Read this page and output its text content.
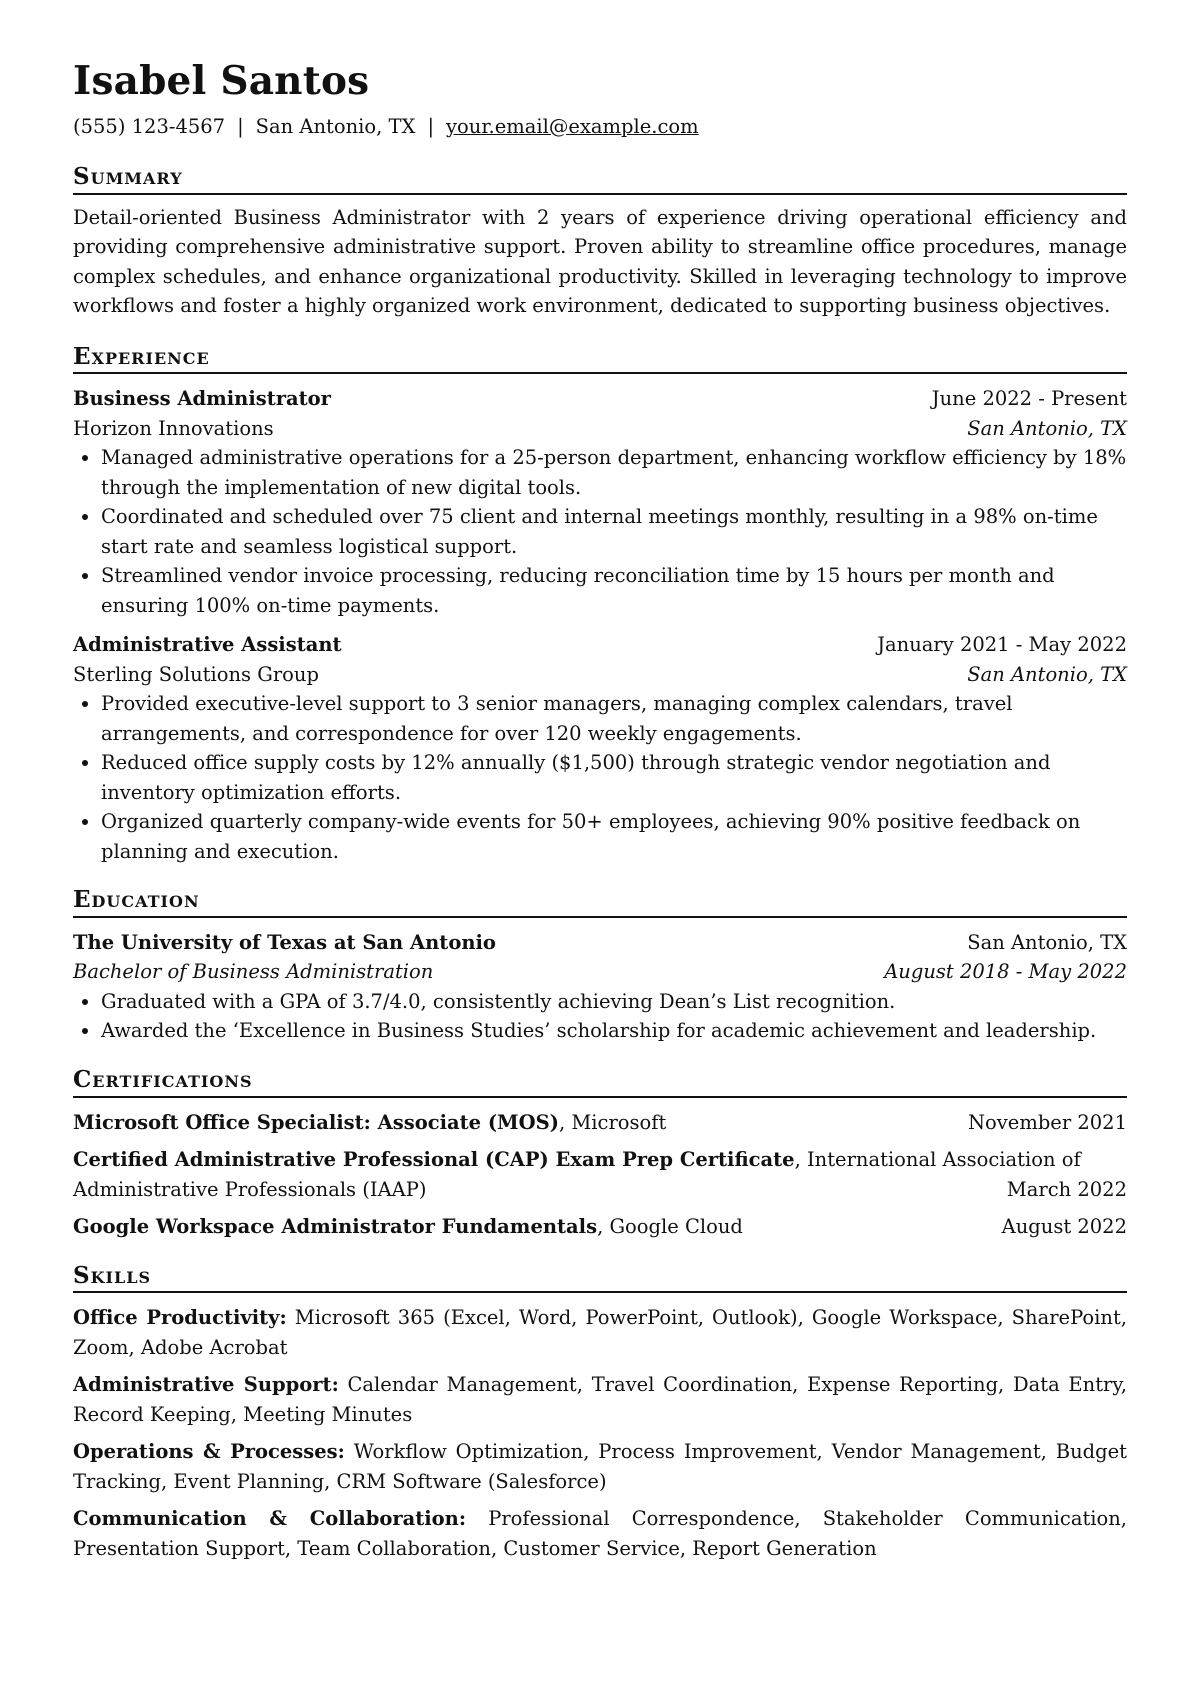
Isabel Santos
(555) 123-4567 | San Antonio, TX | your.email@example.com
Summary

Detail-oriented Business Administrator with 2 years of experience driving operational efficiency and providing comprehensive administrative support. Proven ability to streamline office procedures, manage complex schedules, and enhance organizational productivity. Skilled in leveraging technology to improve workflows and foster a highly organized work environment, dedicated to supporting business objectives.

Experience
Business Administrator	June 2022 - Present
Horizon Innovations	San Antonio, TX
• Managed administrative operations for a 25-person department, enhancing workflow efficiency by 18% through the implementation of new digital tools.
• Coordinated and scheduled over 75 client and internal meetings monthly, resulting in a 98% on-time start rate and seamless logistical support.
• Streamlined vendor invoice processing, reducing reconciliation time by 15 hours per month and ensuring 100% on-time payments.
Administrative Assistant	January 2021 - May 2022
Sterling Solutions Group	San Antonio, TX
• Provided executive-level support to 3 senior managers, managing complex calendars, travel arrangements, and correspondence for over 120 weekly engagements.
• Reduced office supply costs by 12% annually ($1,500) through strategic vendor negotiation and inventory optimization efforts.
• Organized quarterly company-wide events for 50+ employees, achieving 90% positive feedback on planning and execution.
Education
The University of Texas at San Antonio	San Antonio, TX
Bachelor of Business Administration	August 2018 - May 2022
• Graduated with a GPA of 3.7/4.0, consistently achieving Dean’s List recognition.
• Awarded the ‘Excellence in Business Studies’ scholarship for academic achievement and leadership.
Certifications
Microsoft Office Specialist: Associate (MOS), Microsoft	November 2021
Certified Administrative Professional (CAP) Exam Prep Certificate, International Association of
Administrative Professionals (IAAP)	March 2022
Google Workspace Administrator Fundamentals, Google Cloud	August 2022
Skills
Office Productivity: Microsoft 365 (Excel, Word, PowerPoint, Outlook), Google Workspace, SharePoint, Zoom, Adobe Acrobat
Administrative Support: Calendar Management, Travel Coordination, Expense Reporting, Data Entry, Record Keeping, Meeting Minutes
Operations & Processes: Workflow Optimization, Process Improvement, Vendor Management, Budget Tracking, Event Planning, CRM Software (Salesforce)
Communication & Collaboration: Professional Correspondence, Stakeholder Communication, Presentation Support, Team Collaboration, Customer Service, Report Generation
